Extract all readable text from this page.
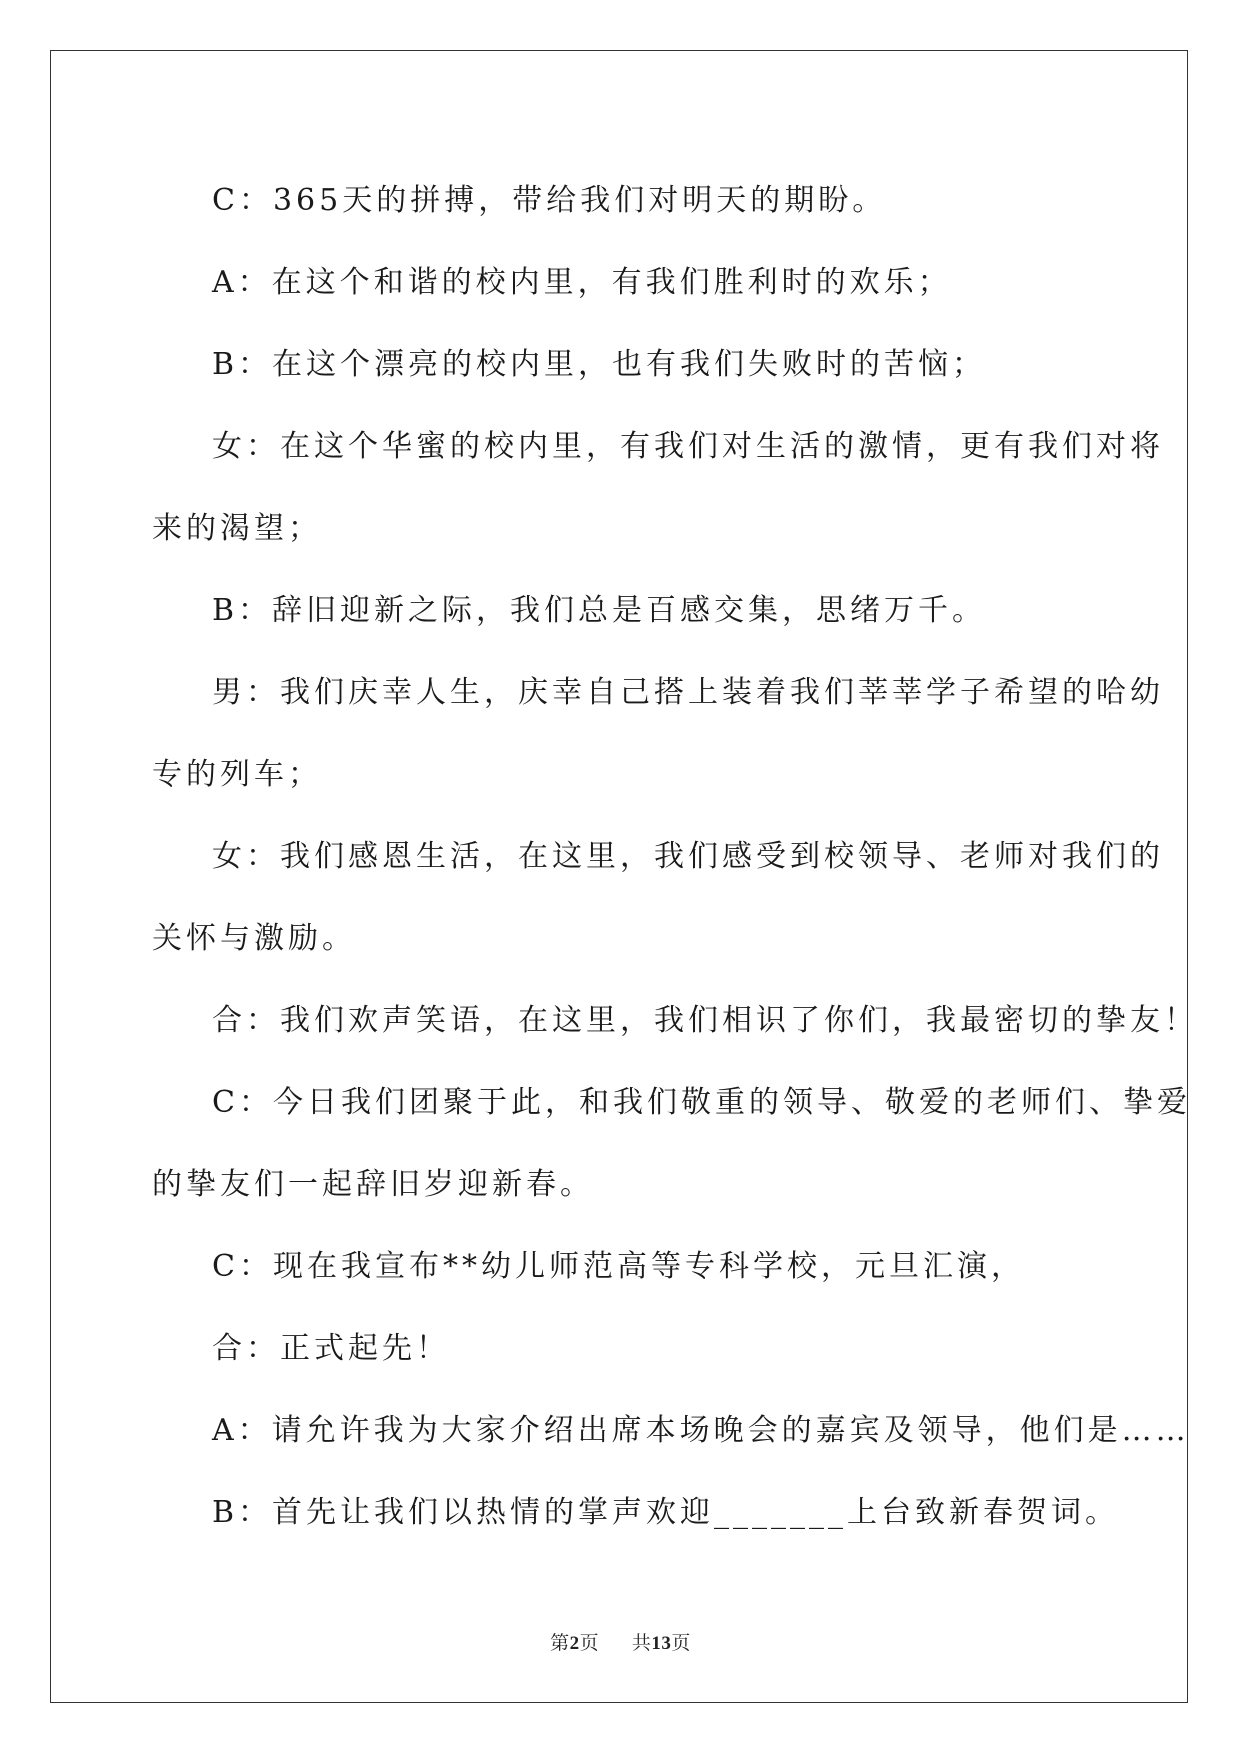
C：365天的拼搏，带给我们对明天的期盼。

A：在这个和谐的校内里，有我们胜利时的欢乐；

B：在这个漂亮的校内里，也有我们失败时的苦恼；

女：在这个华蜜的校内里，有我们对生活的激情，更有我们对将

来的渴望；

B：辞旧迎新之际，我们总是百感交集，思绪万千。

男：我们庆幸人生，庆幸自己搭上装着我们莘莘学子希望的哈幼

专的列车；

女：我们感恩生活，在这里，我们感受到校领导、老师对我们的

关怀与激励。

合：我们欢声笑语，在这里，我们相识了你们，我最密切的挚友！

C：今日我们团聚于此，和我们敬重的领导、敬爱的老师们、挚爱

的挚友们一起辞旧岁迎新春。

C：现在我宣布**幼儿师范高等专科学校，元旦汇演，

合：正式起先！

A：请允许我为大家介绍出席本场晚会的嘉宾及领导，他们是……

B：首先让我们以热情的掌声欢迎_______上台致新春贺词。

第2页 共13页
